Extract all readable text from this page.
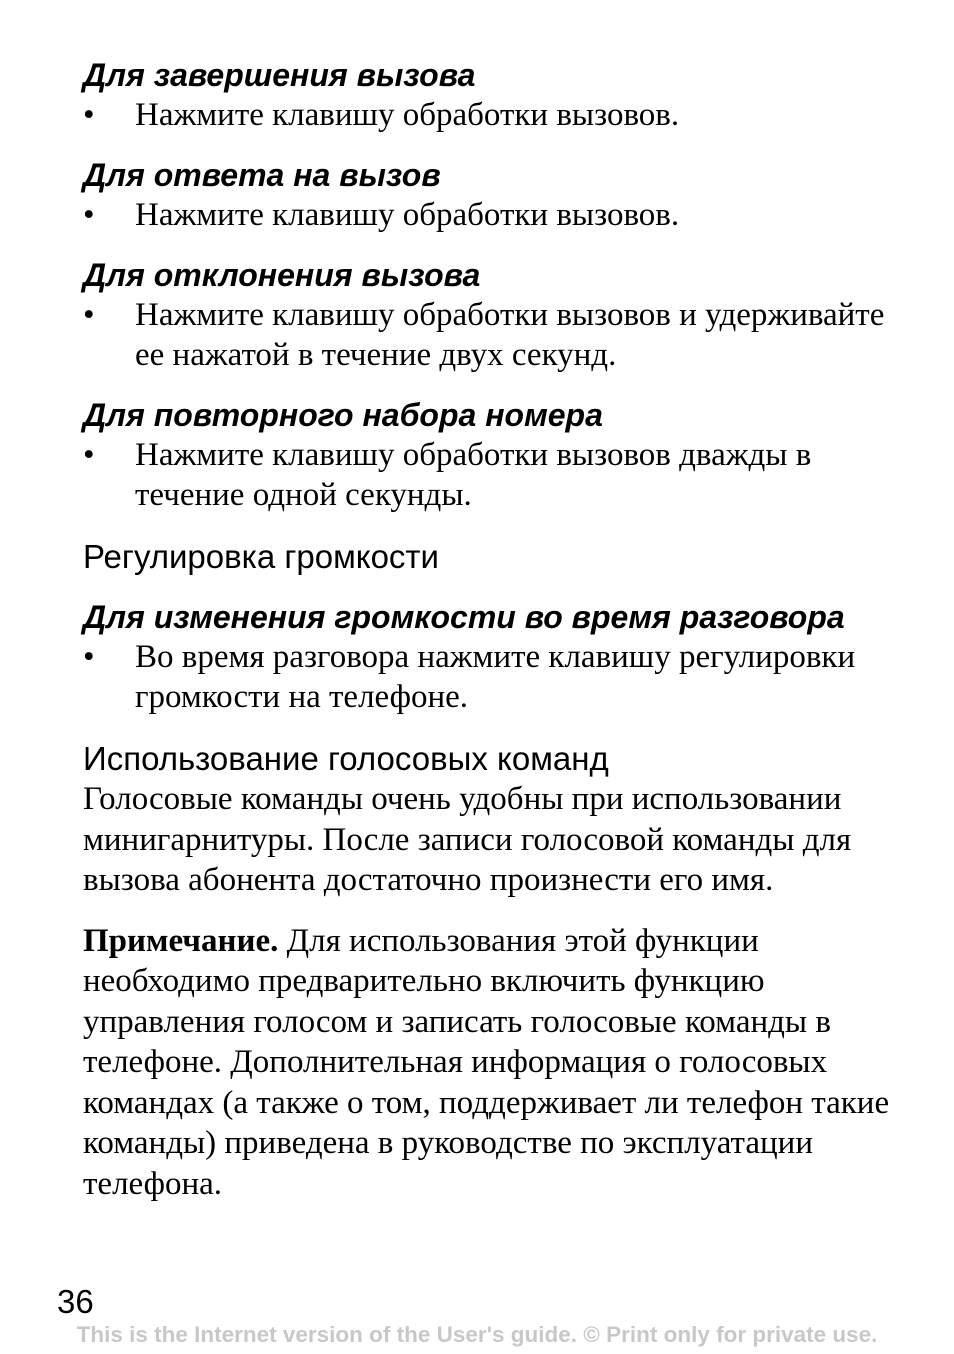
Для завершения вызова

• Нажмите клавишу обработки вызовов.

Для ответа на вызов

• Нажмите клавишу обработки вызовов.

Для отклонения вызова

• Нажмите клавишу обработки вызовов и удерживайте ее нажатой в течение двух секунд.

Для повторного набора номера

• Нажмите клавишу обработки вызовов дважды в течение одной секунды.

Регулировка громкости
Для изменения громкости во время разговора

• Во время разговора нажмите клавишу регулировки громкости на телефоне.

Использование голосовых команд

Голосовые команды очень удобны при использовании минигарнитуры. После записи голосовой команды для вызова абонента достаточно произнести его имя.

Примечание. Для использования этой функции необходимо предварительно включить функцию управления голосом и записать голосовые команды в телефоне. Дополнительная информация о голосовых командах (а также о том, поддерживает ли телефон такие команды) приведена в руководстве по эксплуатации телефона.

36
This is the Internet version of the User's guide. © Print only for private use.
